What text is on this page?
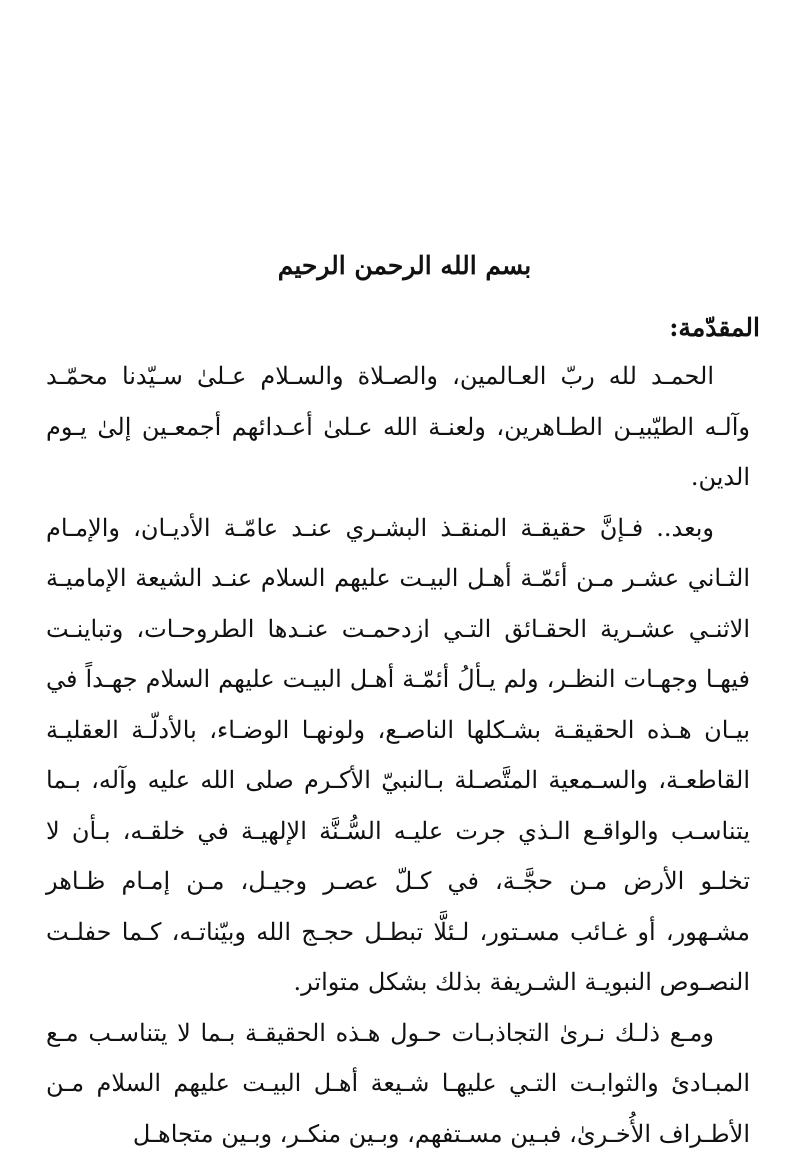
بسم الله الرحمن الرحيم
المقدّمة:

الحمـد لله ربّ العـالمين، والصـلاة والسـلام عـلىٰ سـيّدنا محمّـد وآلـه الطيّبيـن الطـاهرين، ولعنـة الله عـلىٰ أعـدائهم أجمعـين إلىٰ يـوم الدين.

وبعد.. فـإنَّ حقيقـة المنقـذ البشـري عنـد عامّـة الأديـان، والإمـام الثـاني عشـر مـن أئمّـة أهـل البيـت عليهم السلام عنـد الشيعة الإماميـة الاثنـي عشـرية الحقـائق التـي ازدحمـت عنـدها الطروحـات، وتباينـت فيهـا وجهـات النظـر، ولم يـألُ أئمّـة أهـل البيـت عليهم السلام جهـداً في بيـان هـذه الحقيقـة بشـكلها الناصـع، ولونهـا الوضـاء، بالأدلّـة العقليـة القاطعـة، والسـمعية المتَّصـلة بـالنبيّ الأكـرم صلى الله عليه وآله، بـما يتناسـب والواقـع الـذي جرت عليـه السُّـنَّة الإلهيـة في خلقـه، بـأن لا تخلـو الأرض مـن حجَّـة، في كـلّ عصـر وجيـل، مـن إمـام ظـاهر مشـهور، أو غـائب مسـتور، لـئلَّا تبطـل حجـج الله وبيّناتـه، كـما حفلـت النصـوص النبويـة الشـريفة بذلك بشكل متواتر.

ومـع ذلـك نـرىٰ التجاذبـات حـول هـذه الحقيقـة بـما لا يتناسـب مـع المبـادئ والثوابـت التـي عليهـا شـيعة أهـل البيـت عليهم السلام مـن الأطـراف الأُخـرىٰ، فبـين مسـتفهم، وبـين منكـر، وبـين متجاهـل
